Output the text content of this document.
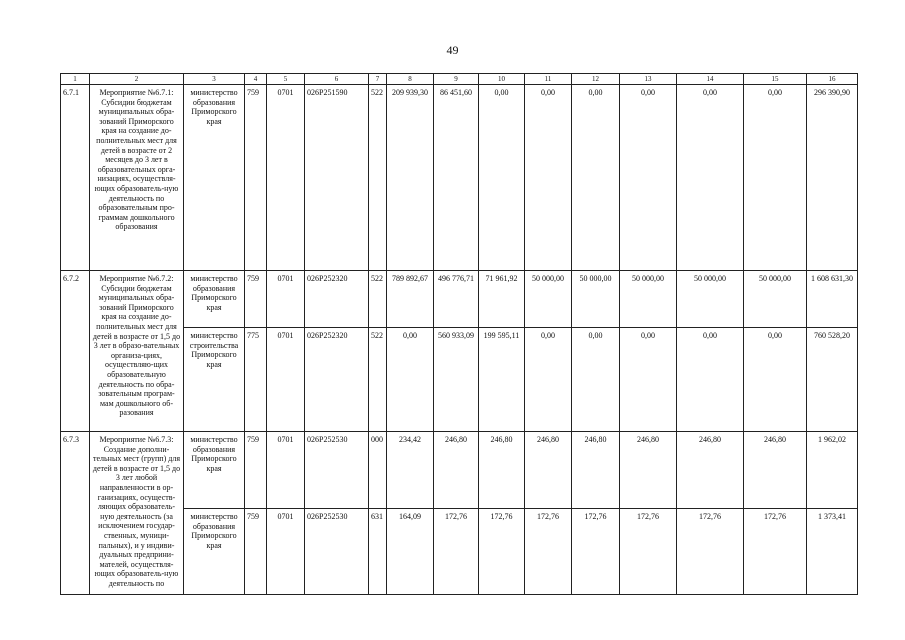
49
1	2	3	4	5	6	7	8	9	10	11	12	13	14	15	16
6.7.1	Мероприятие №6.7.1: Субсидии бюджетам муниципальных обра-зований Приморского края на создание до-полнительных мест для детей в возрасте от 2 месяцев до 3 лет в образовательных орга-низациях, осуществля-ющих образователь-ную деятельность по образовательным про-граммам дошкольного образования	министерство образования Приморского края	759	0701	026P251590	522	209 939,30	86 451,60	0,00	0,00	0,00	0,00	0,00	0,00	296 390,90
6.7.2	Мероприятие №6.7.2: Субсидии бюджетам муниципальных обра-зований Приморского края на создание до-полнительных мест для детей в возрасте от 1,5 до 3 лет в образо-вательных организа-циях, осуществляю-щих образовательную деятельность по обра-зовательным програм-мам дошкольного об-разования	министерство образования Приморского края	759	0701	026P252320	522	789 892,67	496 776,71	71 961,92	50 000,00	50 000,00	50 000,00	50 000,00	50 000,00	1 608 631,30
		министерство строительства Приморского края	775	0701	026P252320	522	0,00	560 933,09	199 595,11	0,00	0,00	0,00	0,00	0,00	760 528,20
6.7.3	Мероприятие №6.7.3: Создание дополни-тельных мест (групп) для детей в возрасте от 1,5 до 3 лет любой направленности в ор-ганизациях, осуществ-ляющих образователь-ную деятельность (за исключением государ-ственных, муници-пальных), и у индиви-дуальных предприни-мателей, осуществля-ющих образователь-ную деятельность по	министерство образования Приморского края	759	0701	026P252530	000	234,42	246,80	246,80	246,80	246,80	246,80	246,80	246,80	1 962,02
		министерство образования Приморского края	759	0701	026P252530	631	164,09	172,76	172,76	172,76	172,76	172,76	172,76	172,76	1 373,41
